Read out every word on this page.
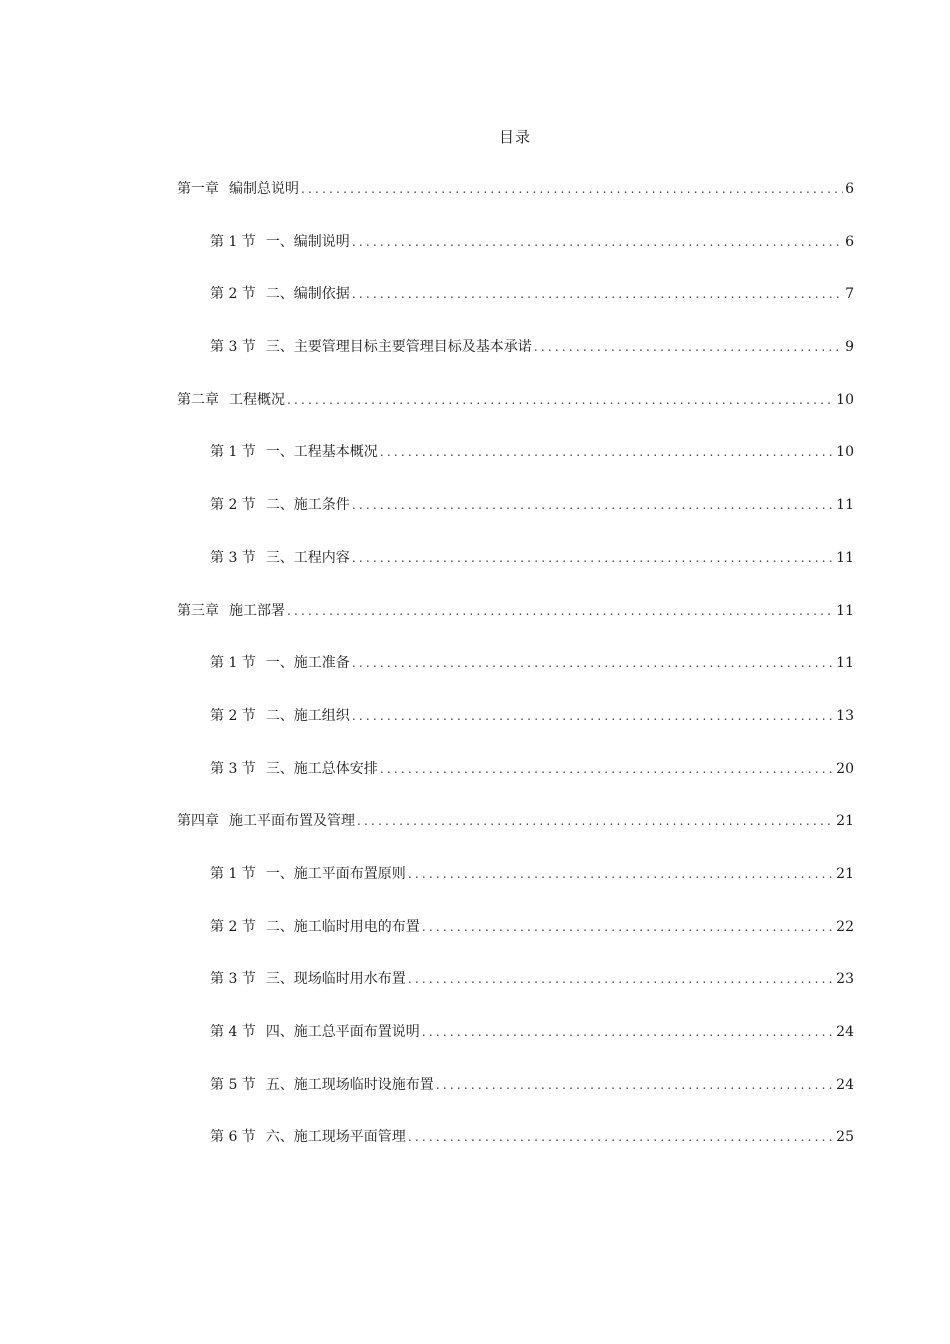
目录
第一章 编制总说明 .....	6
第 1 节 一、编制说明 .....	6
第 2 节 二、编制依据 .....	7
第 3 节 三、主要管理目标主要管理目标及基本承诺 .....	9
第二章 工程概况 .....	10
第 1 节 一、工程基本概况 .....	10
第 2 节 二、施工条件 .....	11
第 3 节 三、工程内容 .....	11
第三章 施工部署 .....	11
第 1 节 一、施工准备 .....	11
第 2 节 二、施工组织 .....	13
第 3 节 三、施工总体安排 .....	20
第四章 施工平面布置及管理 .....	21
第 1 节 一、施工平面布置原则 .....	21
第 2 节 二、施工临时用电的布置 .....	22
第 3 节 三、现场临时用水布置 .....	23
第 4 节 四、施工总平面布置说明 .....	24
第 5 节 五、施工现场临时设施布置 .....	24
第 6 节 六、施工现场平面管理 .....	25
